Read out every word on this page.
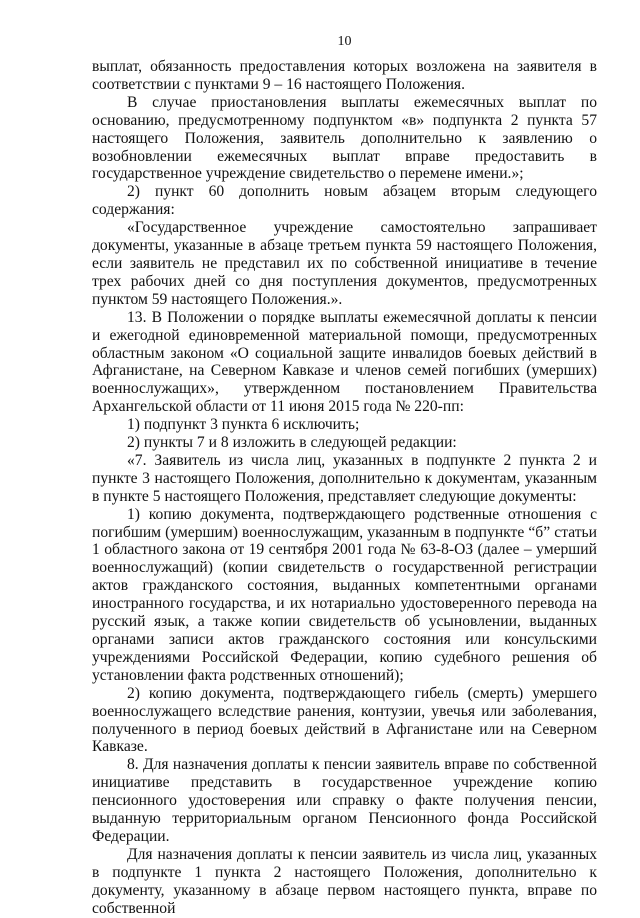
10

выплат, обязанность предоставления которых возложена на заявителя в соответствии с пунктами 9 – 16 настоящего Положения.

В случае приостановления выплаты ежемесячных выплат по основанию, предусмотренному подпунктом «в» подпункта 2 пункта 57 настоящего Положения, заявитель дополнительно к заявлению о возобновлении ежемесячных выплат вправе предоставить в государственное учреждение свидетельство о перемене имени.»;

2) пункт 60 дополнить новым абзацем вторым следующего содержания:

«Государственное учреждение самостоятельно запрашивает документы, указанные в абзаце третьем пункта 59 настоящего Положения, если заявитель не представил их по собственной инициативе в течение трех рабочих дней со дня поступления документов, предусмотренных пунктом 59 настоящего Положения.».

13. В Положении о порядке выплаты ежемесячной доплаты к пенсии и ежегодной единовременной материальной помощи, предусмотренных областным законом «О социальной защите инвалидов боевых действий в Афганистане, на Северном Кавказе и членов семей погибших (умерших) военнослужащих», утвержденном постановлением Правительства Архангельской области от 11 июня 2015 года № 220-пп:

1) подпункт 3 пункта 6 исключить;

2) пункты 7 и 8 изложить в следующей редакции:

«7. Заявитель из числа лиц, указанных в подпункте 2 пункта 2 и пункте 3 настоящего Положения, дополнительно к документам, указанным в пункте 5 настоящего Положения, представляет следующие документы:

1) копию документа, подтверждающего родственные отношения с погибшим (умершим) военнослужащим, указанным в подпункте “б” статьи 1 областного закона от 19 сентября 2001 года № 63-8-ОЗ (далее – умерший военнослужащий) (копии свидетельств о государственной регистрации актов гражданского состояния, выданных компетентными органами иностранного государства, и их нотариально удостоверенного перевода на русский язык, а также копии свидетельств об усыновлении, выданных органами записи актов гражданского состояния или консульскими учреждениями Российской Федерации, копию судебного решения об установлении факта родственных отношений);

2) копию документа, подтверждающего гибель (смерть) умершего военнослужащего вследствие ранения, контузии, увечья или заболевания, полученного в период боевых действий в Афганистане или на Северном Кавказе.

8. Для назначения доплаты к пенсии заявитель вправе по собственной инициативе представить в государственное учреждение копию пенсионного удостоверения или справку о факте получения пенсии, выданную территориальным органом Пенсионного фонда Российской Федерации.

Для назначения доплаты к пенсии заявитель из числа лиц, указанных в подпункте 1 пункта 2 настоящего Положения, дополнительно к документу, указанному в абзаце первом настоящего пункта, вправе по собственной
